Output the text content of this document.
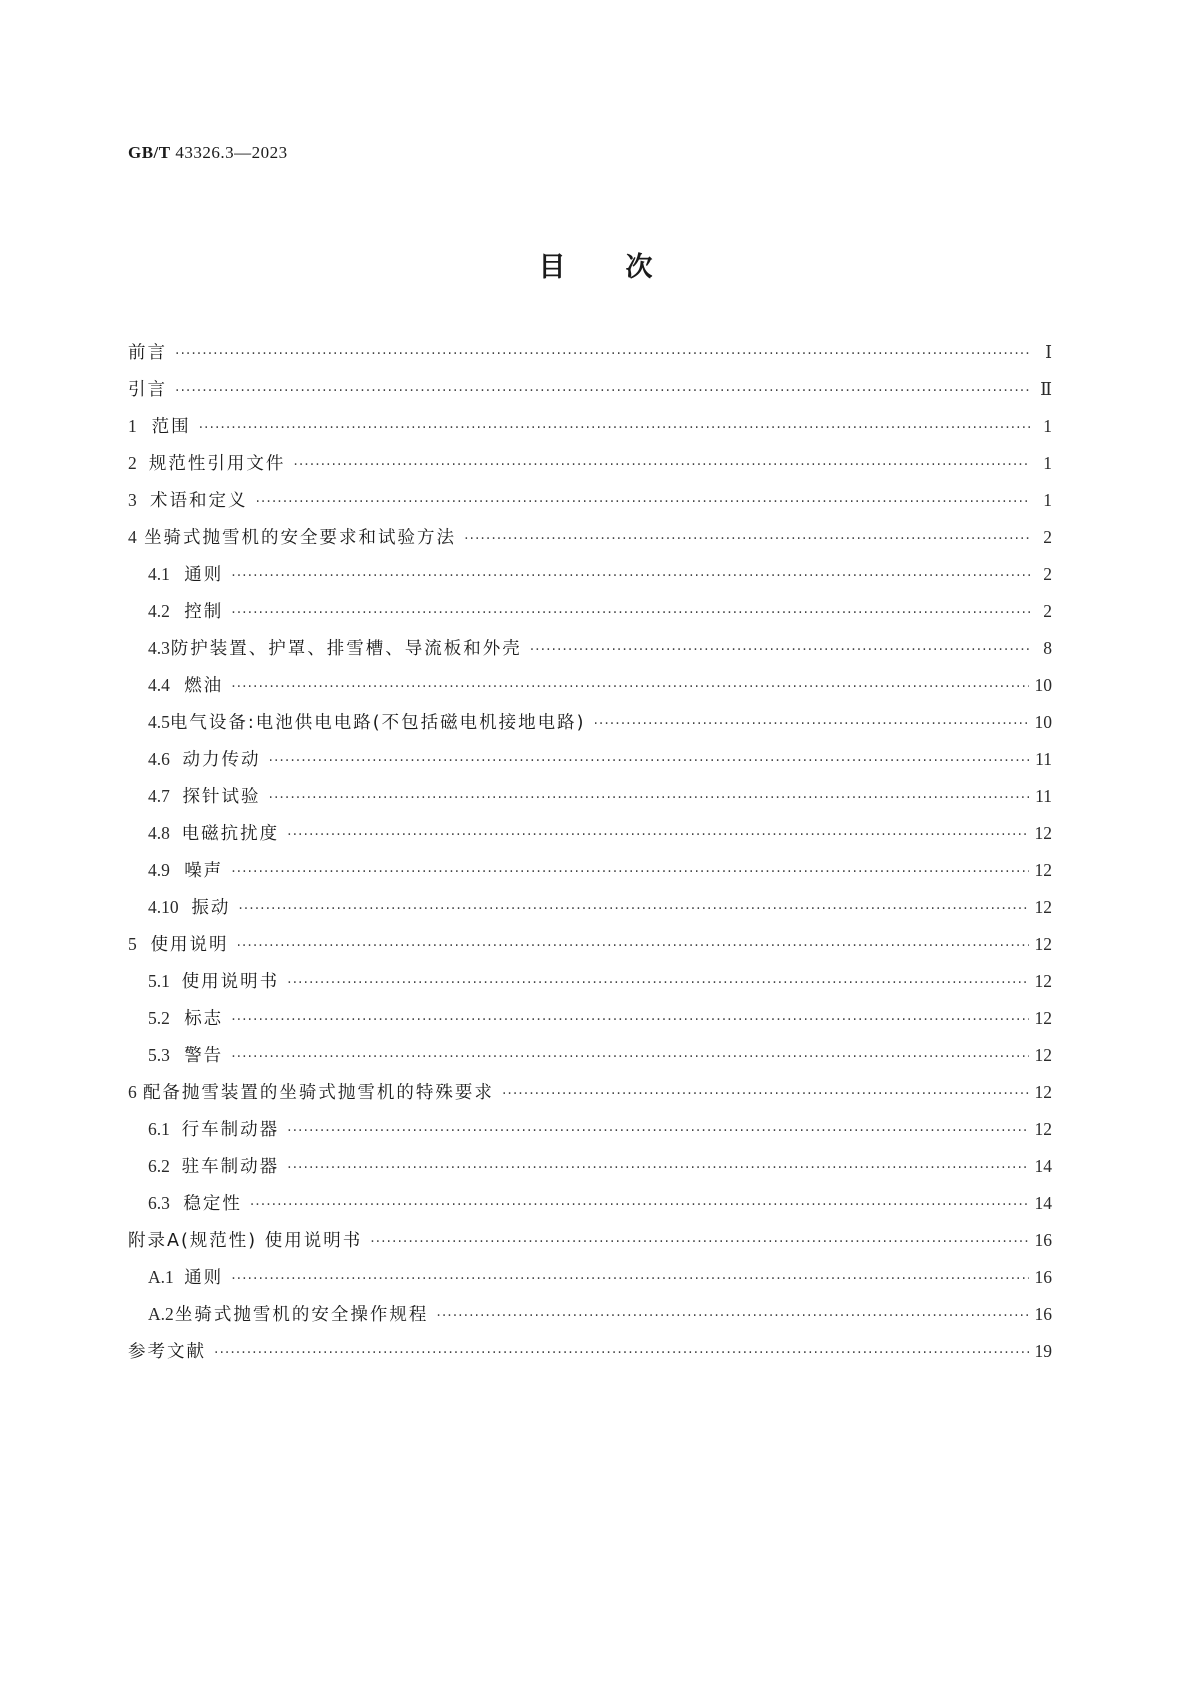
GB/T 43326.3—2023
目次
前言 ·····	Ⅰ
引言 ·····	Ⅱ
1 范围 ·····	1
2 规范性引用文件 ·····	1
3 术语和定义 ·····	1
4 坐骑式抛雪机的安全要求和试验方法 ·····	2
4.1 通则 ·····	2
4.2 控制 ·····	2
4.3 防护装置、护罩、排雪槽、导流板和外壳 ·····	8
4.4 燃油 ·····	10
4.5 电气设备:电池供电电路(不包括磁电机接地电路) ·····	10
4.6 动力传动 ·····	11
4.7 探针试验 ·····	11
4.8 电磁抗扰度 ·····	12
4.9 噪声 ·····	12
4.10 振动 ·····	12
5 使用说明 ·····	12
5.1 使用说明书 ·····	12
5.2 标志 ·····	12
5.3 警告 ·····	12
6 配备抛雪装置的坐骑式抛雪机的特殊要求 ·····	12
6.1 行车制动器 ·····	12
6.2 驻车制动器 ·····	14
6.3 稳定性 ·····	14
附录A(规范性) 使用说明书 ·····	16
A.1 通则 ·····	16
A.2 坐骑式抛雪机的安全操作规程 ·····	16
参考文献 ·····	19
